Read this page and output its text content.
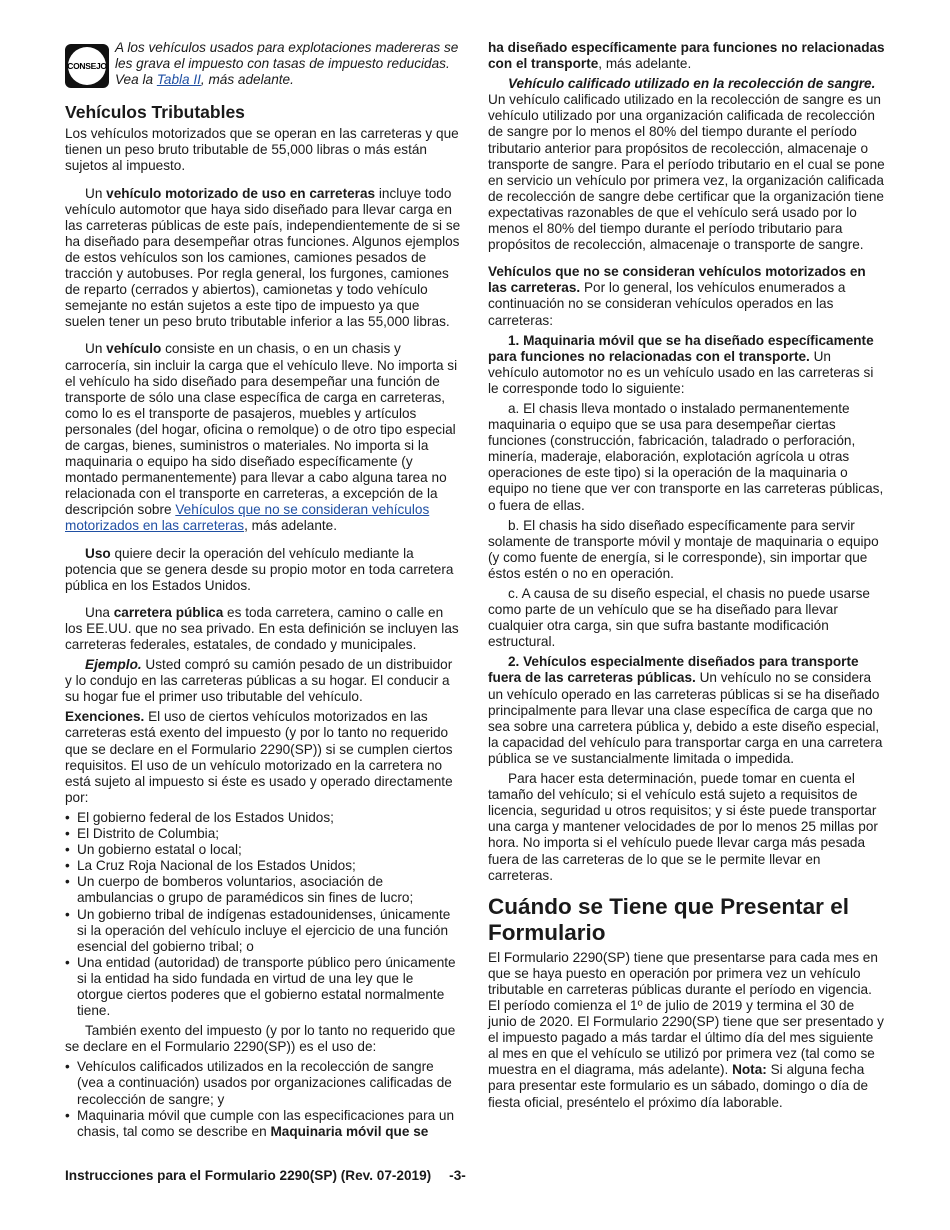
CONSEJO
A los vehículos usados para explotaciones madereras se les grava el impuesto con tasas de impuesto reducidas. Vea la Tabla II, más adelante.
Vehículos Tributables

Los vehículos motorizados que se operan en las carreteras y que tienen un peso bruto tributable de 55,000 libras o más están sujetos al impuesto.

Un vehículo motorizado de uso en carreteras incluye todo vehículo automotor que haya sido diseñado para llevar carga en las carreteras públicas de este país, independientemente de si se ha diseñado para desempeñar otras funciones. Algunos ejemplos de estos vehículos son los camiones, camiones pesados de tracción y autobuses. Por regla general, los furgones, camiones de reparto (cerrados y abiertos), camionetas y todo vehículo semejante no están sujetos a este tipo de impuesto ya que suelen tener un peso bruto tributable inferior a las 55,000 libras.

Un vehículo consiste en un chasis, o en un chasis y carrocería, sin incluir la carga que el vehículo lleve. No importa si el vehículo ha sido diseñado para desempeñar una función de transporte de sólo una clase específica de carga en carreteras, como lo es el transporte de pasajeros, muebles y artículos personales (del hogar, oficina o remolque) o de otro tipo especial de cargas, bienes, suministros o materiales. No importa si la maquinaria o equipo ha sido diseñado específicamente (y montado permanentemente) para llevar a cabo alguna tarea no relacionada con el transporte en carreteras, a excepción de la descripción sobre Vehículos que no se consideran vehículos motorizados en las carreteras, más adelante.

Uso quiere decir la operación del vehículo mediante la potencia que se genera desde su propio motor en toda carretera pública en los Estados Unidos.

Una carretera pública es toda carretera, camino o calle en los EE.UU. que no sea privado. En esta definición se incluyen las carreteras federales, estatales, de condado y municipales.

Ejemplo. Usted compró su camión pesado de un distribuidor y lo condujo en las carreteras públicas a su hogar. El conducir a su hogar fue el primer uso tributable del vehículo.

Exenciones. El uso de ciertos vehículos motorizados en las carreteras está exento del impuesto (y por lo tanto no requerido que se declare en el Formulario 2290(SP)) si se cumplen ciertos requisitos. El uso de un vehículo motorizado en la carretera no está sujeto al impuesto si éste es usado y operado directamente por:

• El gobierno federal de los Estados Unidos;
• El Distrito de Columbia;
• Un gobierno estatal o local;
• La Cruz Roja Nacional de los Estados Unidos;
• Un cuerpo de bomberos voluntarios, asociación de ambulancias o grupo de paramédicos sin fines de lucro;
• Un gobierno tribal de indígenas estadounidenses, únicamente si la operación del vehículo incluye el ejercicio de una función esencial del gobierno tribal; o
• Una entidad (autoridad) de transporte público pero únicamente si la entidad ha sido fundada en virtud de una ley que le otorgue ciertos poderes que el gobierno estatal normalmente tiene.

También exento del impuesto (y por lo tanto no requerido que se declare en el Formulario 2290(SP)) es el uso de:

• Vehículos calificados utilizados en la recolección de sangre (vea a continuación) usados por organizaciones calificadas de recolección de sangre; y
• Maquinaria móvil que cumple con las especificaciones para un chasis, tal como se describe en Maquinaria móvil que se

ha diseñado específicamente para funciones no relacionadas con el transporte, más adelante.

Vehículo calificado utilizado en la recolección de sangre. Un vehículo calificado utilizado en la recolección de sangre es un vehículo utilizado por una organización calificada de recolección de sangre por lo menos el 80% del tiempo durante el período tributario anterior para propósitos de recolección, almacenaje o transporte de sangre. Para el período tributario en el cual se pone en servicio un vehículo por primera vez, la organización calificada de recolección de sangre debe certificar que la organización tiene expectativas razonables de que el vehículo será usado por lo menos el 80% del tiempo durante el período tributario para propósitos de recolección, almacenaje o transporte de sangre.

Vehículos que no se consideran vehículos motorizados en las carreteras. Por lo general, los vehículos enumerados a continuación no se consideran vehículos operados en las carreteras:

1. Maquinaria móvil que se ha diseñado específicamente para funciones no relacionadas con el transporte. Un vehículo automotor no es un vehículo usado en las carreteras si le corresponde todo lo siguiente:

a. El chasis lleva montado o instalado permanentemente maquinaria o equipo que se usa para desempeñar ciertas funciones (construcción, fabricación, taladrado o perforación, minería, maderaje, elaboración, explotación agrícola u otras operaciones de este tipo) si la operación de la maquinaria o equipo no tiene que ver con transporte en las carreteras públicas, o fuera de ellas.

b. El chasis ha sido diseñado específicamente para servir solamente de transporte móvil y montaje de maquinaria o equipo (y como fuente de energía, si le corresponde), sin importar que éstos estén o no en operación.

c. A causa de su diseño especial, el chasis no puede usarse como parte de un vehículo que se ha diseñado para llevar cualquier otra carga, sin que sufra bastante modificación estructural.

2. Vehículos especialmente diseñados para transporte fuera de las carreteras públicas. Un vehículo no se considera un vehículo operado en las carreteras públicas si se ha diseñado principalmente para llevar una clase específica de carga que no sea sobre una carretera pública y, debido a este diseño especial, la capacidad del vehículo para transportar carga en una carretera pública se ve sustancialmente limitada o impedida.

Para hacer esta determinación, puede tomar en cuenta el tamaño del vehículo; si el vehículo está sujeto a requisitos de licencia, seguridad u otros requisitos; y si éste puede transportar una carga y mantener velocidades de por lo menos 25 millas por hora. No importa si el vehículo puede llevar carga más pesada fuera de las carreteras de lo que se le permite llevar en carreteras.

Cuándo se Tiene que Presentar el Formulario

El Formulario 2290(SP) tiene que presentarse para cada mes en que se haya puesto en operación por primera vez un vehículo tributable en carreteras públicas durante el período en vigencia. El período comienza el 1º de julio de 2019 y termina el 30 de junio de 2020. El Formulario 2290(SP) tiene que ser presentado y el impuesto pagado a más tardar el último día del mes siguiente al mes en que el vehículo se utilizó por primera vez (tal como se muestra en el diagrama, más adelante). Nota: Si alguna fecha para presentar este formulario es un sábado, domingo o día de fiesta oficial, preséntelo el próximo día laborable.

Instrucciones para el Formulario 2290(SP) (Rev. 07-2019) -3-
